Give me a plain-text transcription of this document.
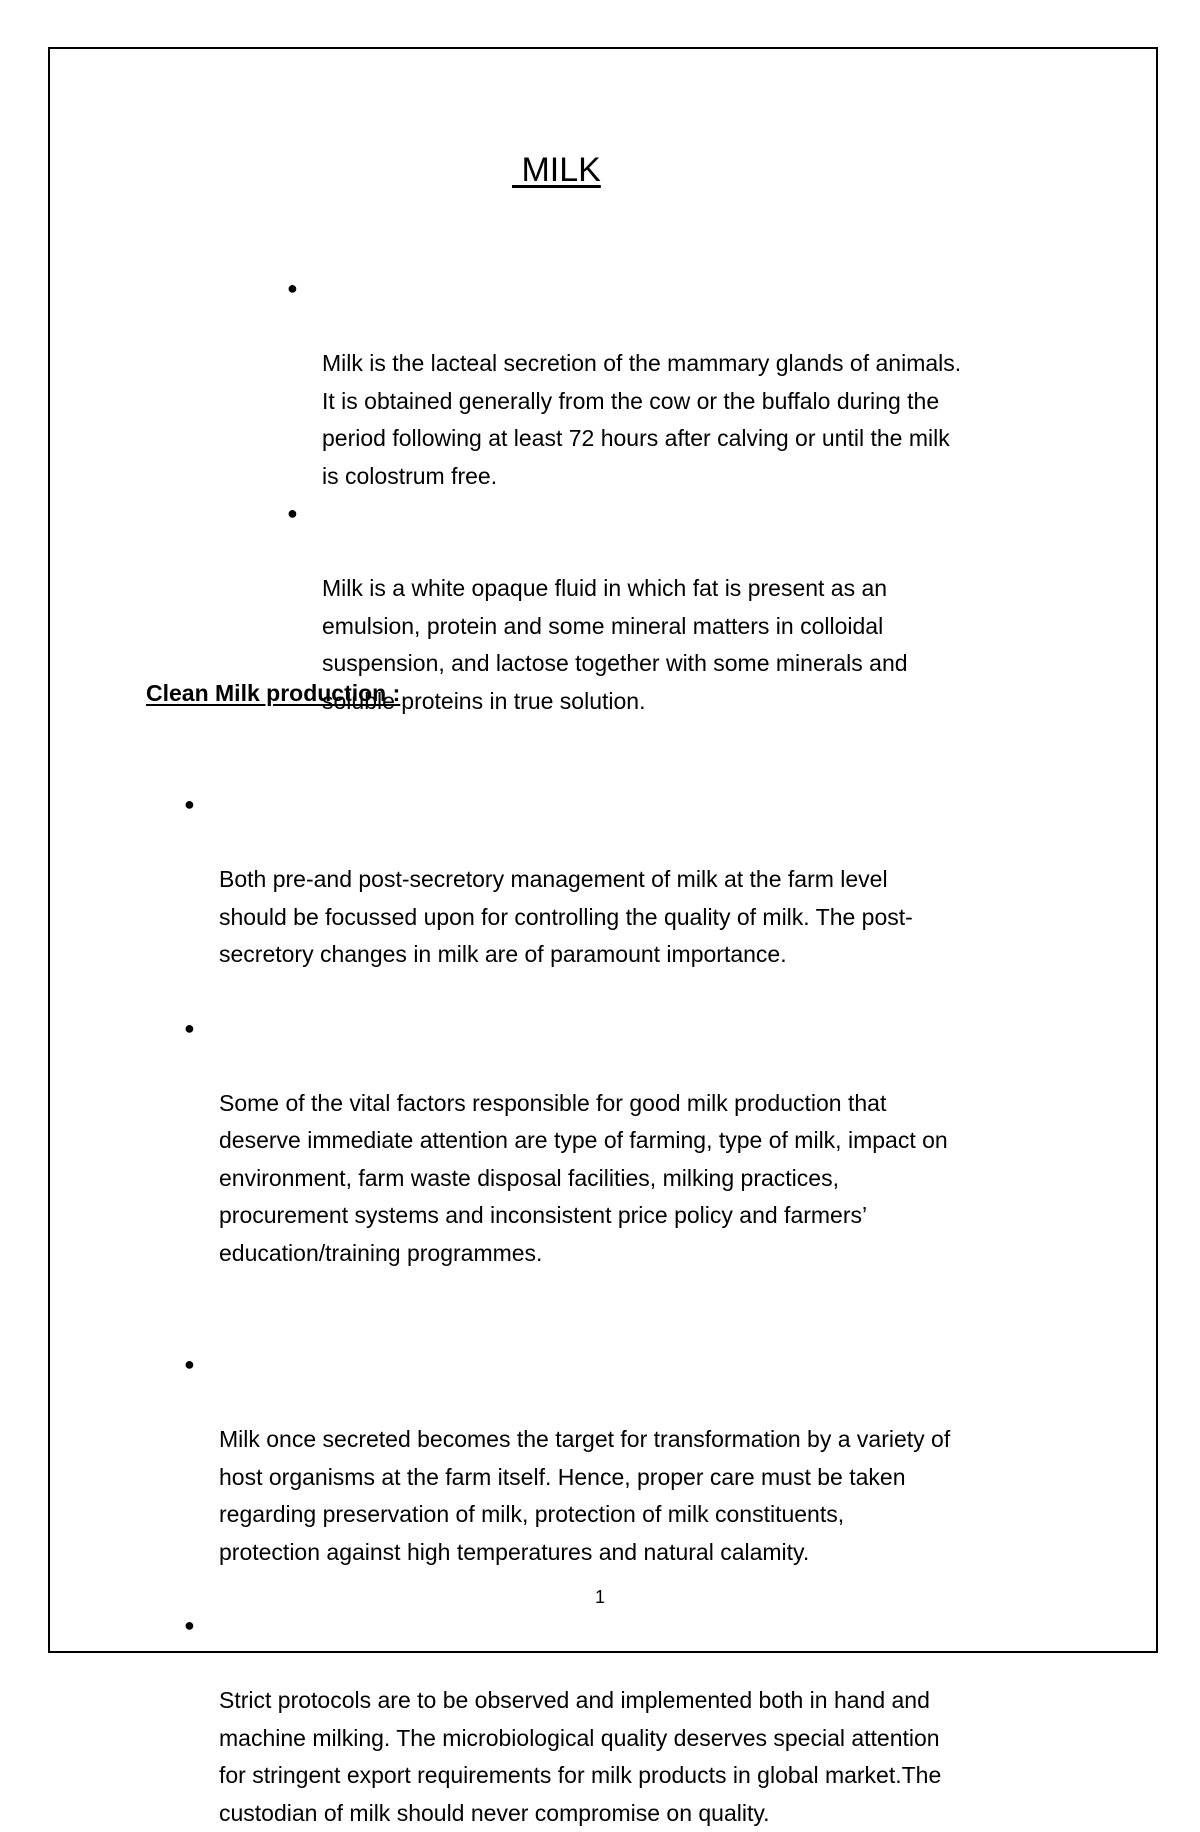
MILK

●

Milk is the lacteal secretion of the mammary glands of animals.
It is obtained generally from the cow or the buffalo during the
period following at least 72 hours after calving or until the milk
is colostrum free.

●

Milk is a white opaque fluid in which fat is present as an
emulsion, protein and some mineral matters in colloidal
suspension, and lactose together with some minerals and
soluble proteins in true solution.

Clean Milk production :

●

Both pre-and post-secretory management of milk at the farm level
should be focussed upon for controlling the quality of milk. The post-
secretory changes in milk are of paramount importance.

●

Some of the vital factors responsible for good milk production that
deserve immediate attention are type of farming, type of milk, impact on
environment, farm waste disposal facilities, milking practices,
procurement systems and inconsistent price policy and farmers’
education/training programmes.

●

Milk once secreted becomes the target for transformation by a variety of
host organisms at the farm itself. Hence, proper care must be taken
regarding preservation of milk, protection of milk constituents,
protection against high temperatures and natural calamity.

●

Strict protocols are to be observed and implemented both in hand and
machine milking. The microbiological quality deserves special attention
for stringent export requirements for milk products in global market.The
custodian of milk should never compromise on quality.

1
